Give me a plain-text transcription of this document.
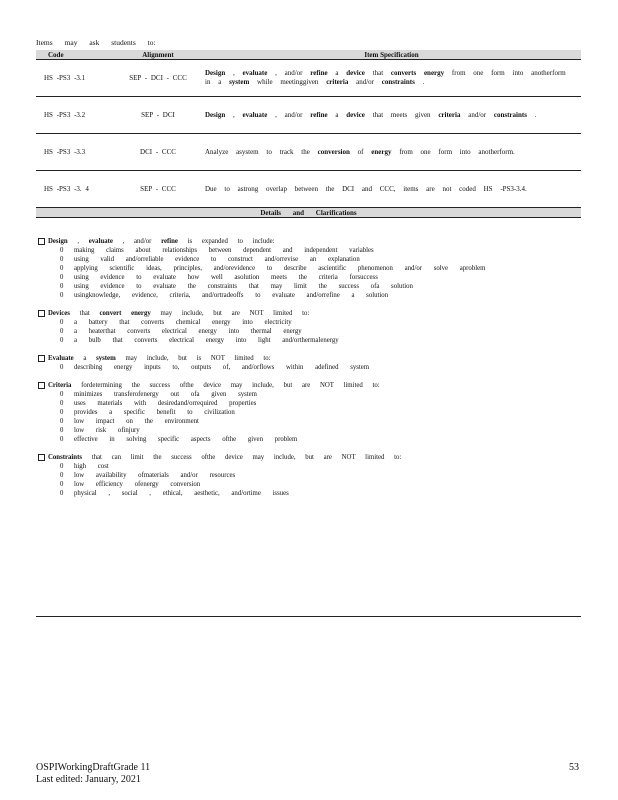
Items may ask students to:
Code	Alignment	Item Specification
HS -PS3 -3.1	SEP - DCI - CCC	Design , evaluate , and/or refine a device that converts energy from one form into anotherform in a system while meetinggiven criteria and/or constraints .
HS -PS3 -3.2	SEP - DCI	Design , evaluate , and/or refine a device that meets given criteria and/or constraints .
HS -PS3 -3.3	DCI - CCC	Analyze asystem to track the conversion of energy from one form into anotherform.
HS -PS3 -3. 4	SEP - CCC	Due to astrong overlap between the DCI and CCC, items are not coded HS -PS3-3.4.
Details and Clarifications		
Design , evaluate , and/or refine is expanded to include:
0	making claims about relationships between dependent and independent variables
0	using valid and/orreliable evidence to construct and/orrevise an explanation
0	applying scientific ideas, principles, and/orevidence to describe ascientific phenomenon and/or solve aproblem
0	using evidence to evaluate how well asolution meets the criteria forsuccess
0	using evidence to evaluate the constraints that may limit the success ofa solution
0	usingknowledge, evidence, criteria, and/ortradeoffs to evaluate and/orrefine a solution
Devices that convert energy may include, but are NOT limited to:
0	a battery that converts chemical energy into electricity
0	a heaterthat converts electrical energy into thermal energy
0	a bulb that converts electrical energy into light and/orthermalenergy
Evaluate a system may include, but is NOT limited to:
0	describing energy inputs to, outputs of, and/orflows within adefined system
Criteria fordetermining the success ofthe device may include, but are NOT limited to:
0	minimizes transferofenergy out ofa given system
0	uses materials with desiredand/orrequired properties
0	provides a specific benefit to civilization
0	low impact on the environment
0	low risk ofinjury
0	effective in solving specific aspects ofthe given problem
Constraints that can limit the success ofthe device may include, but are NOT limited to:
0	high cost
0	low availability ofmaterials and/or resources
0	low efficiency ofenergy conversion
0	physical , social , ethical, aesthetic, and/ortime issues
OSPIWorkingDraftGrade 11
Last edited: January, 2021
53
